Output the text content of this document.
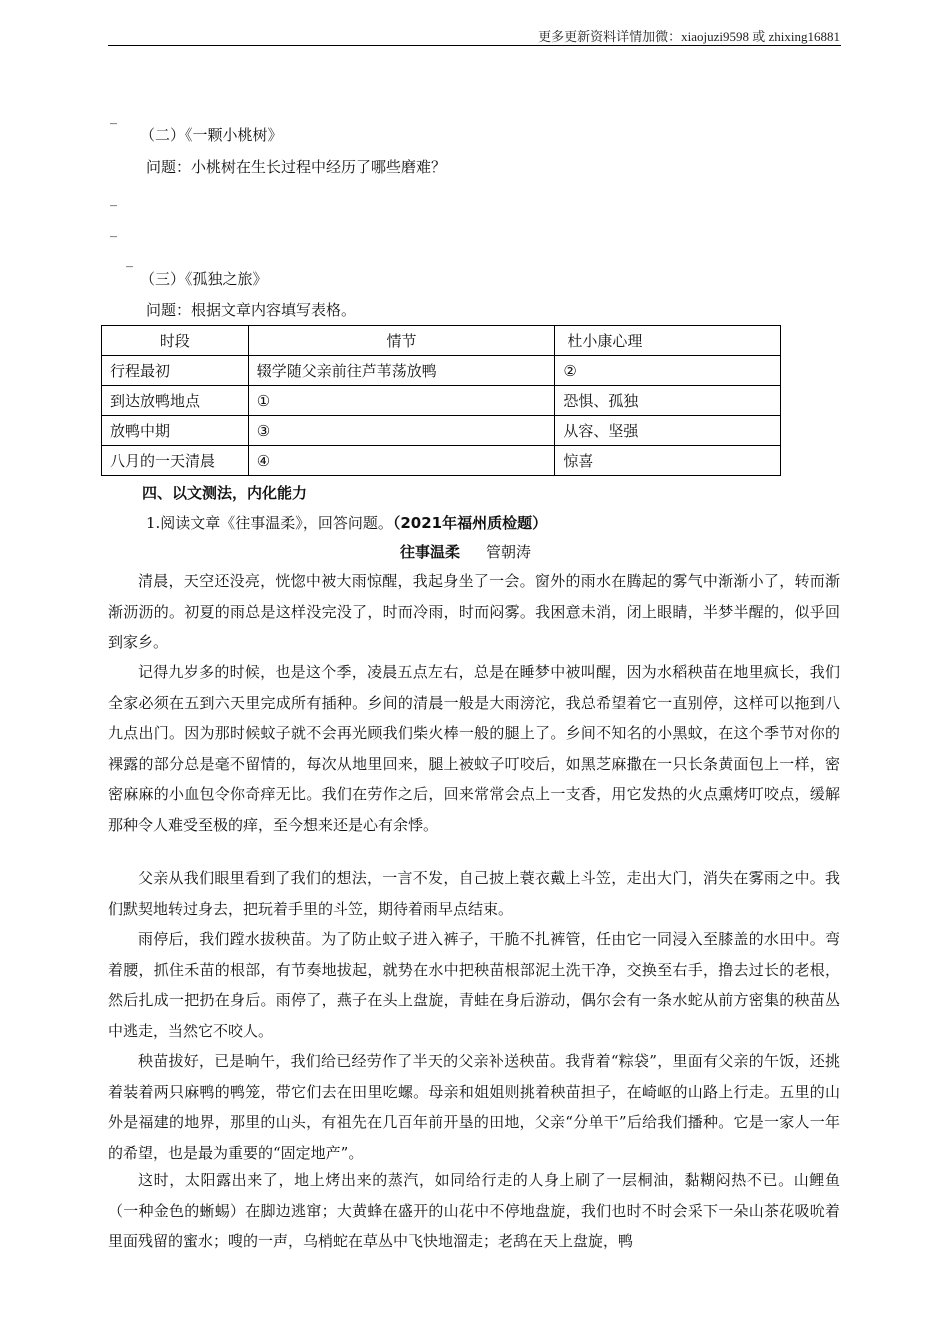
更多更新资料详情加微：xiaojuzi9598 或 zhixing16881
_
（二）《一颗小桃树》
问题：小桃树在生长过程中经历了哪些磨难？
_
_
_
（三）《孤独之旅》
问题：根据文章内容填写表格。
时段	情节	杜小康心理
行程最初	辍学随父亲前往芦苇荡放鸭	②
到达放鸭地点	①	恐惧、孤独
放鸭中期	③	从容、坚强
八月的一天清晨	④	惊喜
四、以文测法，内化能力
1.阅读文章《往事温柔》，回答问题。（2021年福州质检题）
往事温柔 管朝涛

清晨，天空还没亮，恍惚中被大雨惊醒，我起身坐了一会。窗外的雨水在腾起的雾气中渐渐小了，转而渐渐沥沥的。初夏的雨总是这样没完没了，时而冷雨，时而闷雾。我困意未消，闭上眼睛，半梦半醒的，似乎回到家乡。

记得九岁多的时候，也是这个季，凌晨五点左右，总是在睡梦中被叫醒，因为水稻秧苗在地里疯长，我们全家必须在五到六天里完成所有插种。乡间的清晨一般是大雨滂沱，我总希望着它一直别停，这样可以拖到八九点出门。因为那时候蚊子就不会再光顾我们柴火棒一般的腿上了。乡间不知名的小黑蚊，在这个季节对你的裸露的部分总是毫不留情的，每次从地里回来，腿上被蚊子叮咬后，如黑芝麻撒在一只长条黄面包上一样，密密麻麻的小血包令你奇痒无比。我们在劳作之后，回来常常会点上一支香，用它发热的火点熏烤叮咬点，缓解那种令人难受至极的痒，至今想来还是心有余悸。

父亲从我们眼里看到了我们的想法，一言不发，自己披上蓑衣戴上斗笠，走出大门，消失在雾雨之中。我们默契地转过身去，把玩着手里的斗笠，期待着雨早点结束。

雨停后，我们蹚水拔秧苗。为了防止蚊子进入裤子，干脆不扎裤管，任由它一同浸入至膝盖的水田中。弯着腰，抓住禾苗的根部，有节奏地拔起，就势在水中把秧苗根部泥土洗干净，交换至右手，撸去过长的老根，然后扎成一把扔在身后。雨停了，燕子在头上盘旋，青蛙在身后游动，偶尔会有一条水蛇从前方密集的秧苗丛中逃走，当然它不咬人。

秧苗拔好，已是晌午，我们给已经劳作了半天的父亲补送秧苗。我背着“粽袋”，里面有父亲的午饭，还挑着装着两只麻鸭的鸭笼，带它们去在田里吃螺。母亲和姐姐则挑着秧苗担子，在崎岖的山路上行走。五里的山外是福建的地界，那里的山头，有祖先在几百年前开垦的田地，父亲“分单干”后给我们播种。它是一家人一年的希望，也是最为重要的“固定地产”。

这时，太阳露出来了，地上烤出来的蒸汽，如同给行走的人身上刷了一层桐油，黏糊闷热不已。山鲤鱼（一种金色的蜥蜴）在脚边逃窜；大黄蜂在盛开的山花中不停地盘旋，我们也时不时会采下一朵山茶花吸吮着里面残留的蜜水；嗖的一声，乌梢蛇在草丛中飞快地溜走；老鸹在天上盘旋，鸭
